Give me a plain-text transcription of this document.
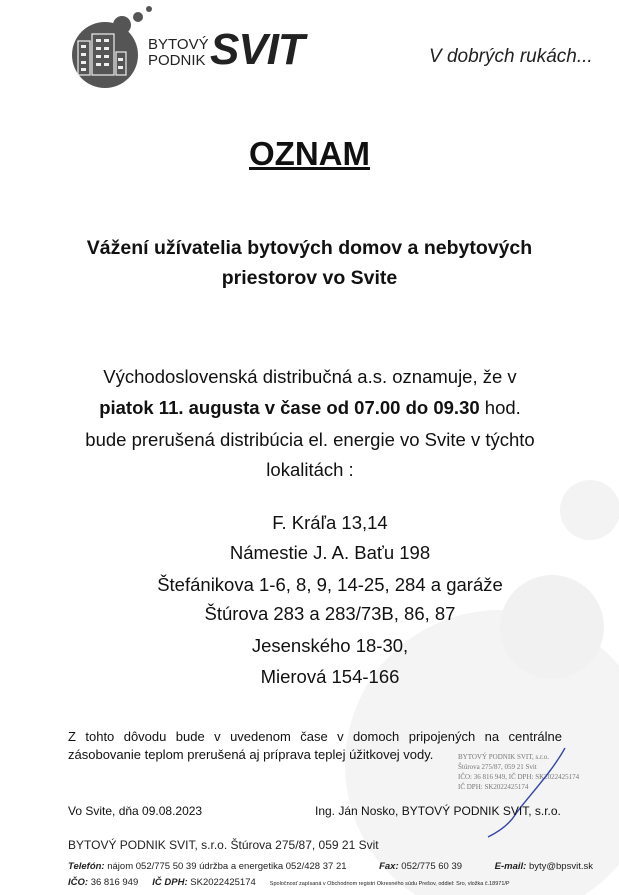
BYTOVÝ
PODNIK SVIT	V dobrých rukách...
OZNAM
Vážení užívatelia bytových domov a nebytových
priestorov vo Svite
Východoslovenská distribučná a.s. oznamuje, že v
piatok 11. augusta v čase od 07.00 do 09.30 hod.
bude prerušená distribúcia el. energie vo Svite v týchto
lokalitách :
F. Kráľa 13,14
Námestie J. A. Baťu 198
Štefánikova 1-6, 8, 9, 14-25, 284 a garáže
Štúrova 283 a 283/73B, 86, 87
Jesenského 18-30,
Mierová 154-166
Z tohto dôvodu bude v uvedenom čase v domoch pripojených na centrálne
zásobovanie teplom prerušená aj príprava teplej úžitkovej vody.	BYTOVÝ PODNIK SVIT, s.r.o.
Štúrova 275/87, 059 21 Svit
IČO: 36 816 949, IČ DPH: SK2022425174
IČ DPH: SK2022425174
Vo Svite, dňa 09.08.2023	Ing. Ján Nosko, BYTOVÝ PODNIK SVIT, s.r.o.
BYTOVÝ PODNIK SVIT, s.r.o. Štúrova 275/87, 059 21 Svit
Telefón: nájom 052/775 50 39 údržba a energetika 052/428 37 21	Fax: 052/775 60 39	E-mail: byty@bpsvit.sk
IČO: 36 816 949 IČ DPH: SK2022425174	Spoločnosť zapísaná v Obchodnom registri Okresného súdu Prešov, oddiel: Sro, vložka č.18971/P
